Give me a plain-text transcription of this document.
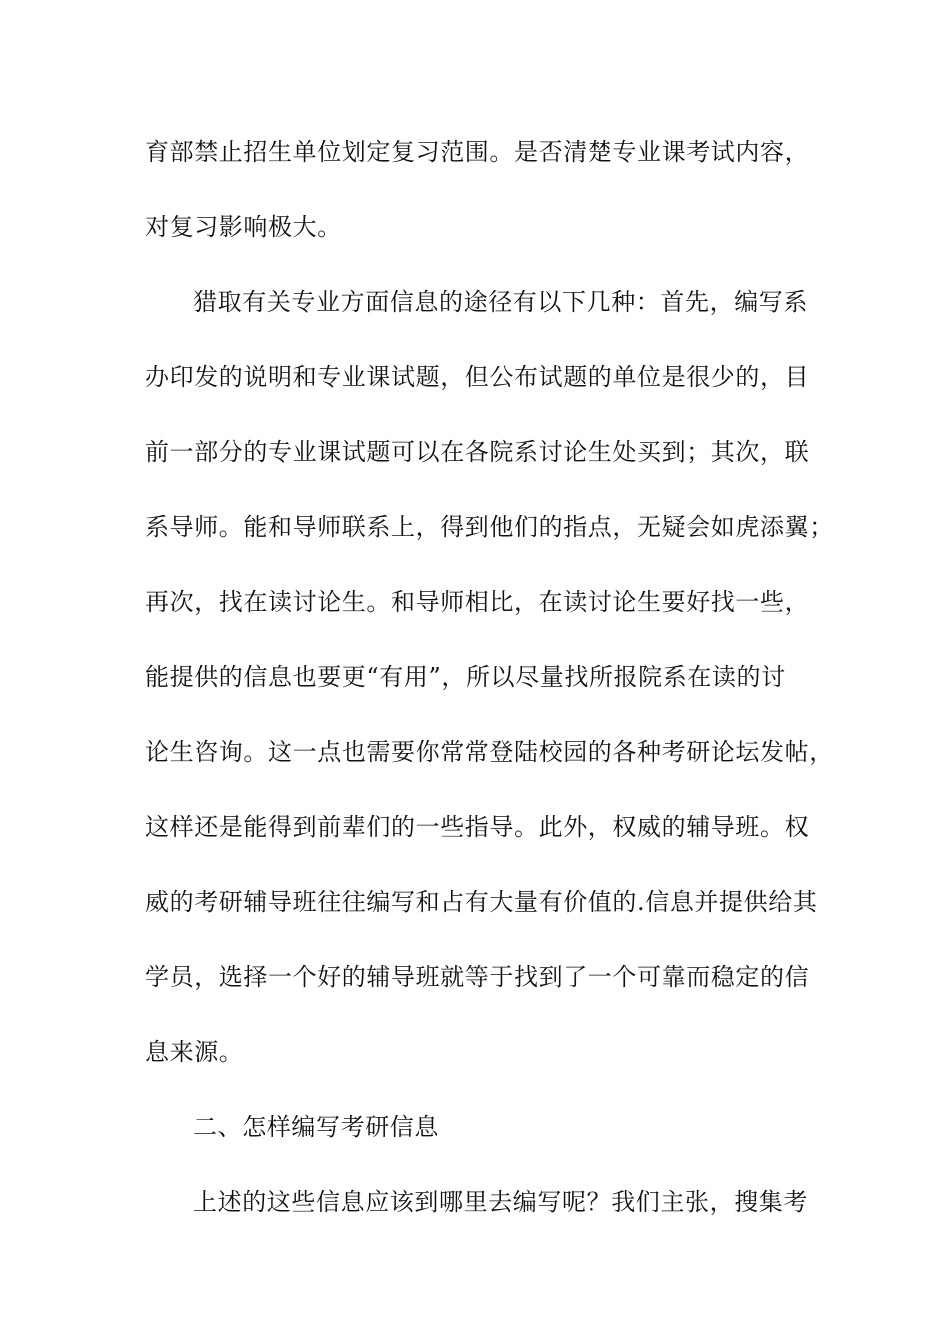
育部禁止招生单位划定复习范围。是否清楚专业课考试内容，
对复习影响极大。
猎取有关专业方面信息的途径有以下几种：首先，编写系
办印发的说明和专业课试题，但公布试题的单位是很少的，目
前一部分的专业课试题可以在各院系讨论生处买到；其次，联
系导师。能和导师联系上，得到他们的指点，无疑会如虎添翼；
再次，找在读讨论生。和导师相比，在读讨论生要好找一些，
能提供的信息也要更“有用”，所以尽量找所报院系在读的讨
论生咨询。这一点也需要你常常登陆校园的各种考研论坛发帖，
这样还是能得到前辈们的一些指导。此外，权威的辅导班。权
威的考研辅导班往往编写和占有大量有价值的.信息并提供给其
学员，选择一个好的辅导班就等于找到了一个可靠而稳定的信
息来源。
二、怎样编写考研信息
上述的这些信息应该到哪里去编写呢？我们主张，搜集考
